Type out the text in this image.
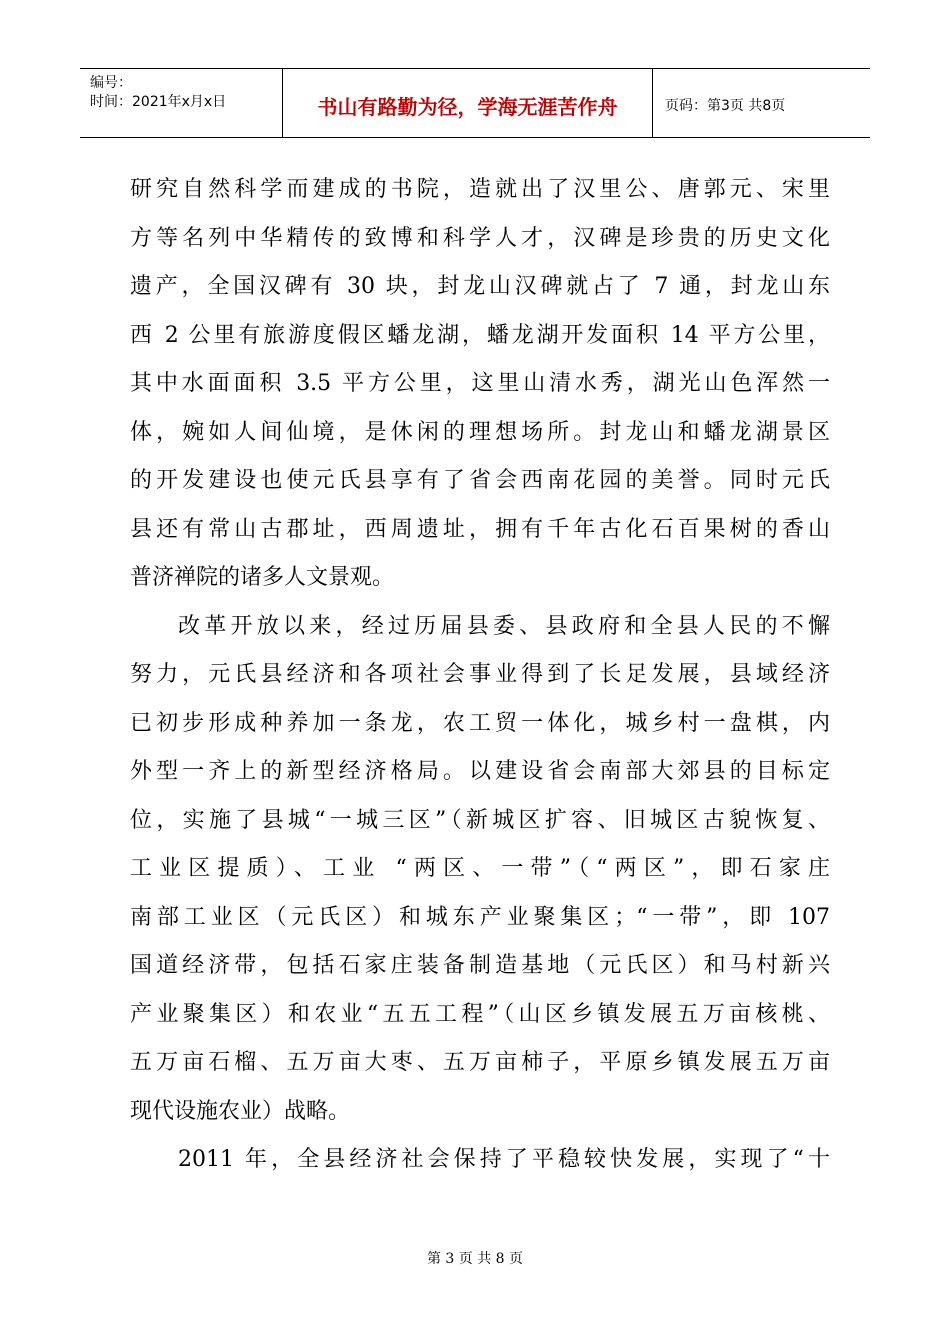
编号：
时间：2021年x月x日	书山有路勤为径，学海无涯苦作舟	页码：第3页 共8页
研究自然科学而建成的书院，造就出了汉里公、唐郭元、宋里
方等名列中华精传的致博和科学人才，汉碑是珍贵的历史文化
遗产，全国汉碑有 30 块，封龙山汉碑就占了 7 通，封龙山东
西 2 公里有旅游度假区蟠龙湖，蟠龙湖开发面积 14 平方公里，
其中水面面积 3.5 平方公里，这里山清水秀，湖光山色浑然一
体，婉如人间仙境，是休闲的理想场所。封龙山和蟠龙湖景区
的开发建设也使元氏县享有了省会西南花园的美誉。同时元氏
县还有常山古郡址，西周遗址，拥有千年古化石百果树的香山
普济禅院的诸多人文景观。
改革开放以来，经过历届县委、县政府和全县人民的不懈
努力，元氏县经济和各项社会事业得到了长足发展，县域经济
已初步形成种养加一条龙，农工贸一体化，城乡村一盘棋，内
外型一齐上的新型经济格局。以建设省会南部大郊县的目标定
位，实施了县城“一城三区”（新城区扩容、旧城区古貌恢复、
工业区提质）、工业 “两区、一带”（“两区”，即石家庄
南部工业区（元氏区）和城东产业聚集区；“一带”，即 107
国道经济带，包括石家庄装备制造基地（元氏区）和马村新兴
产业聚集区）和农业“五五工程”（山区乡镇发展五万亩核桃、
五万亩石榴、五万亩大枣、五万亩柿子，平原乡镇发展五万亩
现代设施农业）战略。
2011 年，全县经济社会保持了平稳较快发展，实现了“十
第 3 页 共 8 页
